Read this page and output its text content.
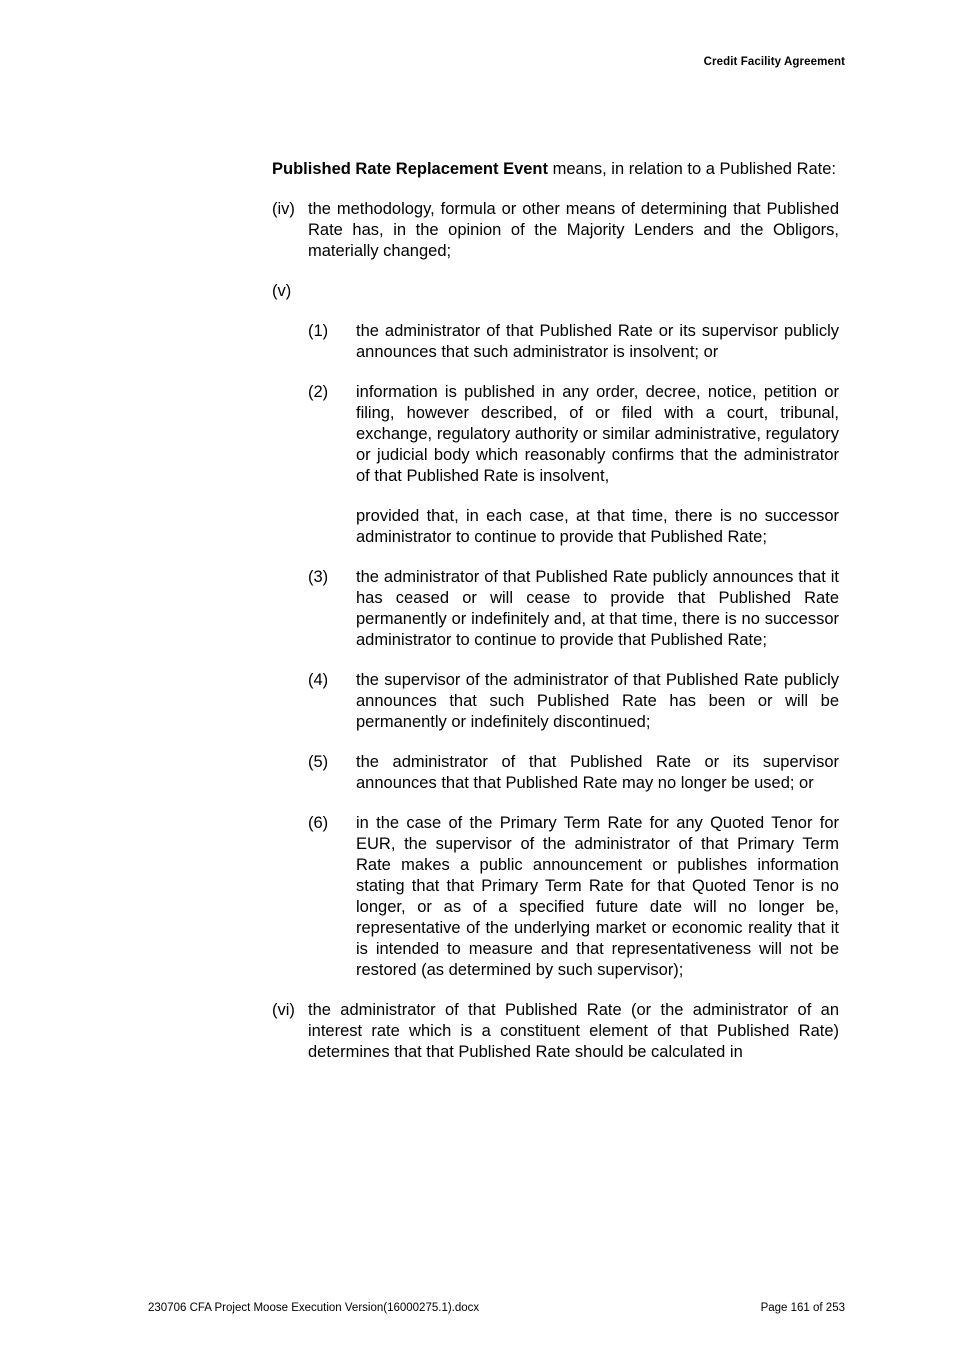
Credit Facility Agreement

Published Rate Replacement Event means, in relation to a Published Rate:

(iv) the methodology, formula or other means of determining that Published Rate has, in the opinion of the Majority Lenders and the Obligors, materially changed;
(v)
(1) the administrator of that Published Rate or its supervisor publicly announces that such administrator is insolvent; or
(2) information is published in any order, decree, notice, petition or filing, however described, of or filed with a court, tribunal, exchange, regulatory authority or similar administrative, regulatory or judicial body which reasonably confirms that the administrator of that Published Rate is insolvent,

provided that, in each case, at that time, there is no successor administrator to continue to provide that Published Rate;

(3) the administrator of that Published Rate publicly announces that it has ceased or will cease to provide that Published Rate permanently or indefinitely and, at that time, there is no successor administrator to continue to provide that Published Rate;
(4) the supervisor of the administrator of that Published Rate publicly announces that such Published Rate has been or will be permanently or indefinitely discontinued;
(5) the administrator of that Published Rate or its supervisor announces that that Published Rate may no longer be used; or
(6) in the case of the Primary Term Rate for any Quoted Tenor for EUR, the supervisor of the administrator of that Primary Term Rate makes a public announcement or publishes information stating that that Primary Term Rate for that Quoted Tenor is no longer, or as of a specified future date will no longer be, representative of the underlying market or economic reality that it is intended to measure and that representativeness will not be restored (as determined by such supervisor);
(vi) the administrator of that Published Rate (or the administrator of an interest rate which is a constituent element of that Published Rate) determines that that Published Rate should be calculated in
230706 CFA Project Moose Execution Version(16000275.1).docx	Page 161 of 253
